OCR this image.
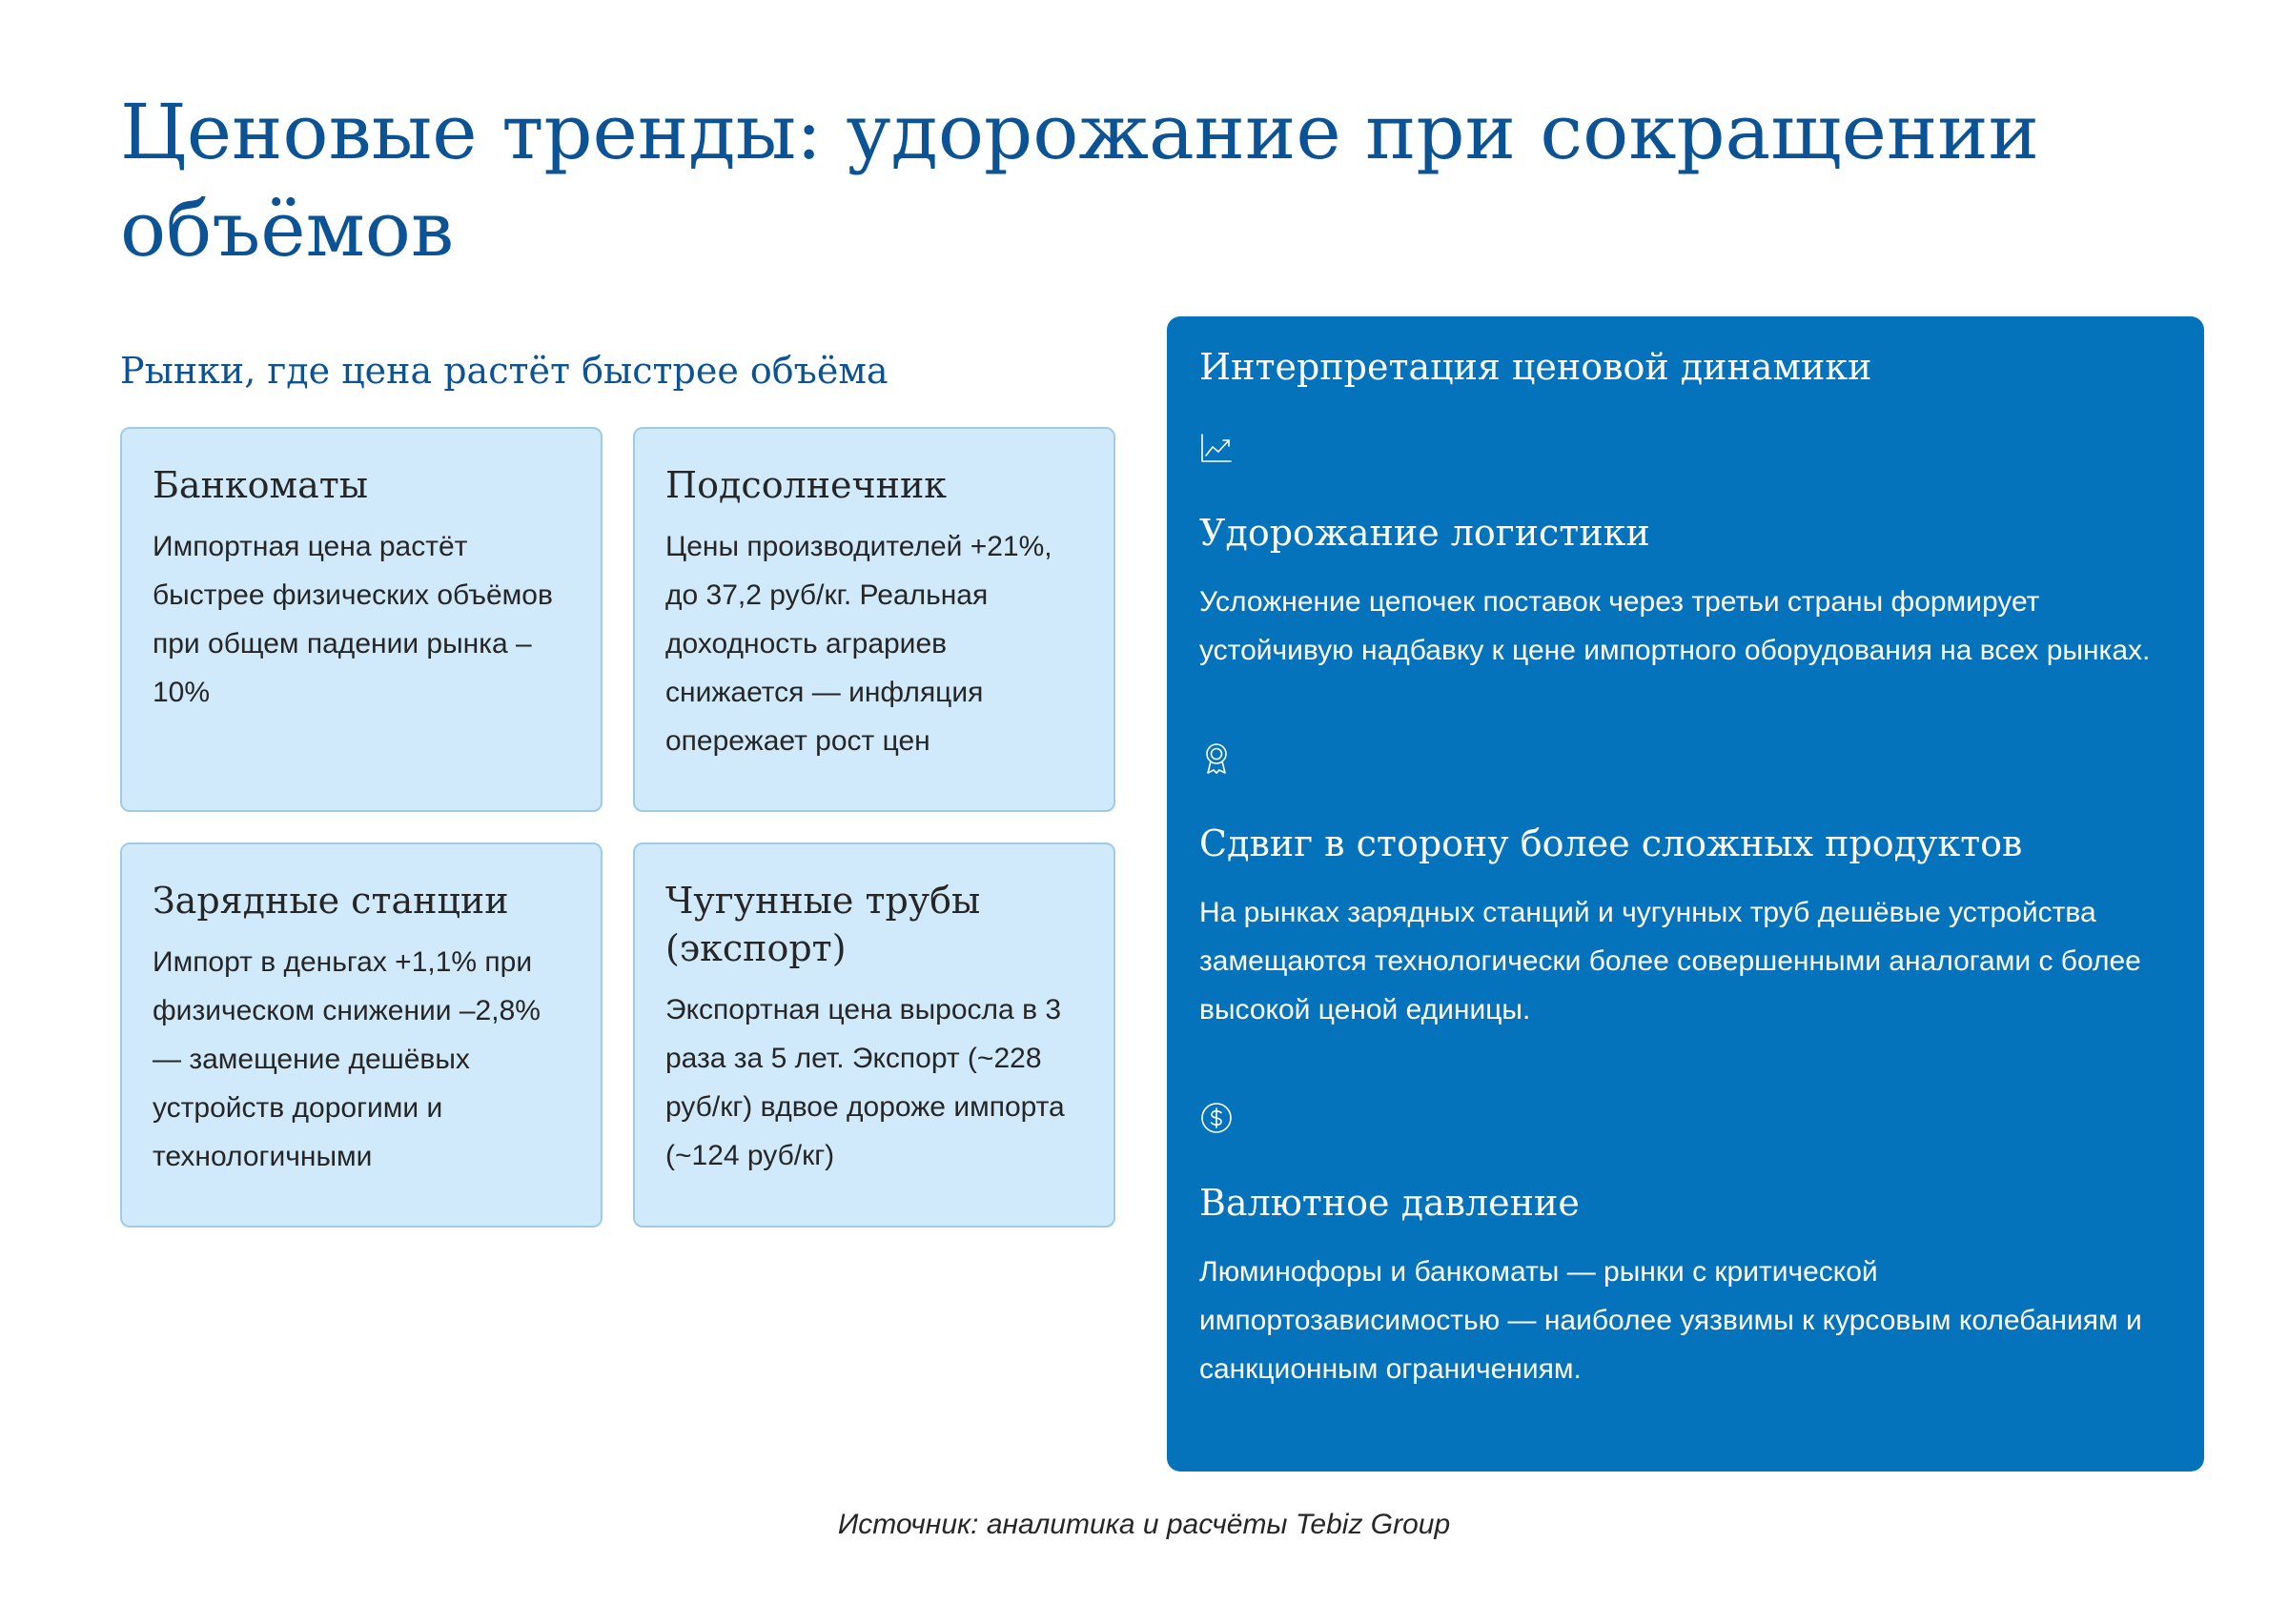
Ценовые тренды: удорожание при сокращении объёмов
Рынки, где цена растёт быстрее объёма
Банкоматы

Импортная цена растёт быстрее физических объёмов при общем падении рынка –10%

Подсолнечник

Цены производителей +21%, до 37,2 руб/кг. Реальная доходность аграриев снижается — инфляция опережает рост цен

Зарядные станции

Импорт в деньгах +1,1% при физическом снижении –2,8% — замещение дешёвых устройств дорогими и технологичными

Чугунные трубы (экспорт)

Экспортная цена выросла в 3 раза за 5 лет. Экспорт (~228 руб/кг) вдвое дороже импорта (~124 руб/кг)

Интерпретация ценовой динамики
Удорожание логистики

Усложнение цепочек поставок через третьи страны формирует устойчивую надбавку к цене импортного оборудования на всех рынках.

Сдвиг в сторону более сложных продуктов

На рынках зарядных станций и чугунных труб дешёвые устройства замещаются технологически более совершенными аналогами с более высокой ценой единицы.

Валютное давление

Люминофоры и банкоматы — рынки с критической импортозависимостью — наиболее уязвимы к курсовым колебаниям и санкционным ограничениям.

Источник: аналитика и расчёты Tebiz Group
